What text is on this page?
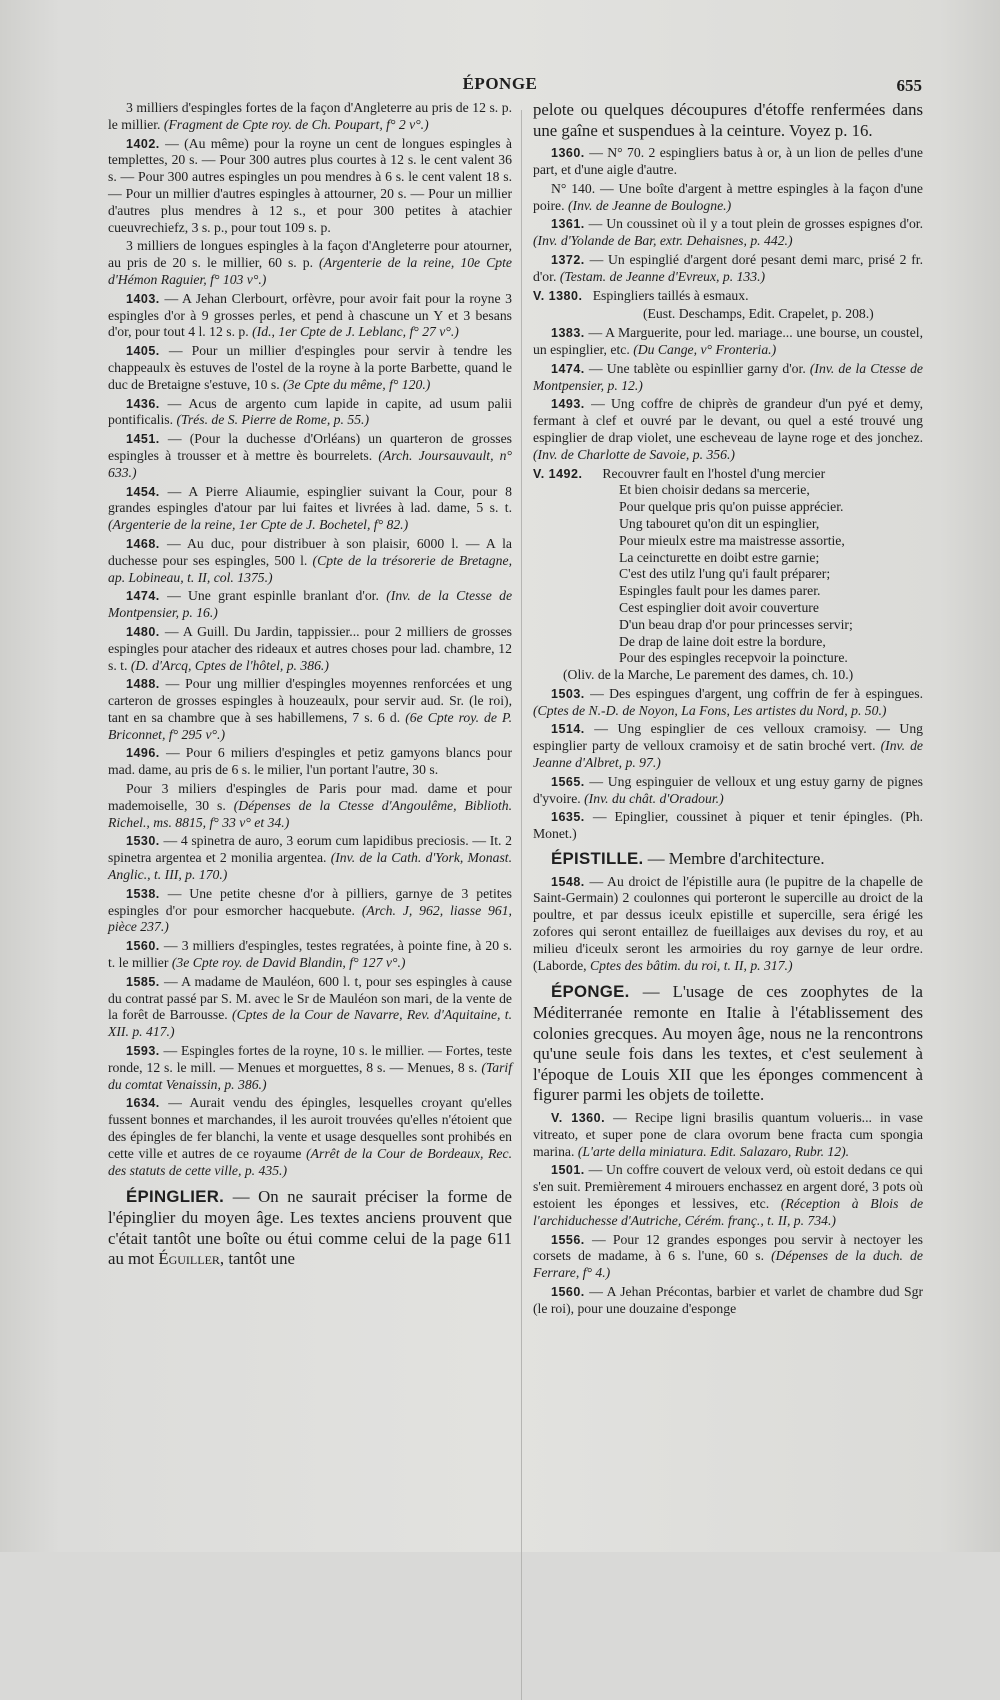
ÉPONGE	655

3 milliers d'espingles fortes de la façon d'Angleterre au pris de 12 s. p. le millier. (Fragment de Cpte roy. de Ch. Poupart, f° 2 v°.)

1402. — (Au même) pour la royne un cent de longues espingles à templettes, 20 s. — Pour 300 autres plus courtes à 12 s. le cent valent 36 s. — Pour 300 autres espingles un pou mendres à 6 s. le cent valent 18 s. — Pour un millier d'autres espingles à attourner, 20 s. — Pour un millier d'autres plus mendres à 12 s., et pour 300 petites à atachier cueuvrechiefz, 3 s. p., pour tout 109 s. p.

3 milliers de longues espingles à la façon d'Angleterre pour atourner, au pris de 20 s. le millier, 60 s. p. (Argenterie de la reine, 10e Cpte d'Hémon Raguier, f° 103 v°.)

1403. — A Jehan Clerbourt, orfèvre, pour avoir fait pour la royne 3 espingles d'or à 9 grosses perles, et pend à chascune un Y et 3 besans d'or, pour tout 4 l. 12 s. p. (Id., 1er Cpte de J. Leblanc, f° 27 v°.)

1405. — Pour un millier d'espingles pour servir à tendre les chappeaulx ès estuves de l'ostel de la royne à la porte Barbette, quand le duc de Bretaigne s'estuve, 10 s. (3e Cpte du même, f° 120.)

1436. — Acus de argento cum lapide in capite, ad usum palii pontificalis. (Trés. de S. Pierre de Rome, p. 55.)

1451. — (Pour la duchesse d'Orléans) un quarteron de grosses espingles à trousser et à mettre ès bourrelets. (Arch. Joursauvault, n° 633.)

1454. — A Pierre Aliaumie, espinglier suivant la Cour, pour 8 grandes espingles d'atour par lui faites et livrées à lad. dame, 5 s. t. (Argenterie de la reine, 1er Cpte de J. Bochetel, f° 82.)

1468. — Au duc, pour distribuer à son plaisir, 6000 l. — A la duchesse pour ses espingles, 500 l. (Cpte de la trésorerie de Bretagne, ap. Lobineau, t. II, col. 1375.)

1474. — Une grant espinlle branlant d'or. (Inv. de la Ctesse de Montpensier, p. 16.)

1480. — A Guill. Du Jardin, tappissier... pour 2 milliers de grosses espingles pour atacher des rideaux et autres choses pour lad. chambre, 12 s. t. (D. d'Arcq, Cptes de l'hôtel, p. 386.)

1488. — Pour ung millier d'espingles moyennes renforcées et ung carteron de grosses espingles à houzeaulx, pour servir aud. Sr. (le roi), tant en sa chambre que à ses habillemens, 7 s. 6 d. (6e Cpte roy. de P. Briconnet, f° 295 v°.)

1496. — Pour 6 miliers d'espingles et petiz gamyons blancs pour mad. dame, au pris de 6 s. le milier, l'un portant l'autre, 30 s.

Pour 3 miliers d'espingles de Paris pour mad. dame et pour mademoiselle, 30 s. (Dépenses de la Ctesse d'Angoulême, Biblioth. Richel., ms. 8815, f° 33 v° et 34.)

1530. — 4 spinetra de auro, 3 eorum cum lapidibus preciosis. — It. 2 spinetra argentea et 2 monilia argentea. (Inv. de la Cath. d'York, Monast. Anglic., t. III, p. 170.)

1538. — Une petite chesne d'or à pilliers, garnye de 3 petites espingles d'or pour esmorcher hacquebute. (Arch. J, 962, liasse 961, pièce 237.)

1560. — 3 milliers d'espingles, testes regratées, à pointe fine, à 20 s. t. le millier (3e Cpte roy. de David Blandin, f° 127 v°.)

1585. — A madame de Mauléon, 600 l. t, pour ses espingles à cause du contrat passé par S. M. avec le Sr de Mauléon son mari, de la vente de la forêt de Barrousse. (Cptes de la Cour de Navarre, Rev. d'Aquitaine, t. XII. p. 417.)

1593. — Espingles fortes de la royne, 10 s. le millier. — Fortes, teste ronde, 12 s. le mill. — Menues et morguettes, 8 s. — Menues, 8 s. (Tarif du comtat Venaissin, p. 386.)

1634. — Aurait vendu des épingles, lesquelles croyant qu'elles fussent bonnes et marchandes, il les auroit trouvées qu'elles n'étoient que des épingles de fer blanchi, la vente et usage desquelles sont prohibés en cette ville et autres de ce royaume (Arrêt de la Cour de Bordeaux, Rec. des statuts de cette ville, p. 435.)

ÉPINGLIER. — On ne saurait préciser la forme de l'épinglier du moyen âge. Les textes anciens prouvent que c'était tantôt une boîte ou étui comme celui de la page 611 au mot Éguiller, tantôt une

pelote ou quelques découpures d'étoffe renfermées dans une gaîne et suspendues à la ceinture. Voyez p. 16.

1360. — N° 70. 2 espingliers batus à or, à un lion de pelles d'une part, et d'une aigle d'autre.

N° 140. — Une boîte d'argent à mettre espingles à la façon d'une poire. (Inv. de Jeanne de Boulogne.)

1361. — Un coussinet où il y a tout plein de grosses espignes d'or. (Inv. d'Yolande de Bar, extr. Dehaisnes, p. 442.)

1372. — Un espinglié d'argent doré pesant demi marc, prisé 2 fr. d'or. (Testam. de Jeanne d'Evreux, p. 133.)

V. 1380. Espingliers taillés à esmaux.

(Eust. Deschamps, Edit. Crapelet, p. 208.)

1383. — A Marguerite, pour led. mariage... une bourse, un coustel, un espinglier, etc. (Du Cange, v° Fronteria.)

1474. — Une tablète ou espinllier garny d'or. (Inv. de la Ctesse de Montpensier, p. 12.)

1493. — Ung coffre de chiprès de grandeur d'un pyé et demy, fermant à clef et ouvré par le devant, ou quel a esté trouvé ung espinglier de drap violet, une escheveau de layne roge et des jonchez. (Inv. de Charlotte de Savoie, p. 356.)

V. 1492. Recouvrer fault en l'hostel d'ung mercier

Et bien choisir dedans sa mercerie,

Pour quelque pris qu'on puisse apprécier.

Ung tabouret qu'on dit un espinglier,

Pour mieulx estre ma maistresse assortie,

La ceincturette en doibt estre garnie;

C'est des utilz l'ung qu'i fault préparer;

Espingles fault pour les dames parer.

Cest espinglier doit avoir couverture

D'un beau drap d'or pour princesses servir;

De drap de laine doit estre la bordure,

Pour des espingles recepvoir la poincture.

(Oliv. de la Marche, Le parement des dames, ch. 10.)

1503. — Des espingues d'argent, ung coffrin de fer à espingues. (Cptes de N.-D. de Noyon, La Fons, Les artistes du Nord, p. 50.)

1514. — Ung espinglier de ces velloux cramoisy. — Ung espinglier party de velloux cramoisy et de satin broché vert. (Inv. de Jeanne d'Albret, p. 97.)

1565. — Ung espinguier de velloux et ung estuy garny de pignes d'yvoire. (Inv. du chât. d'Oradour.)

1635. — Epinglier, coussinet à piquer et tenir épingles. (Ph. Monet.)

ÉPISTILLE. — Membre d'architecture.

1548. — Au droict de l'épistille aura (le pupitre de la chapelle de Saint-Germain) 2 coulonnes qui porteront le supercille au droict de la poultre, et par dessus iceulx epistille et supercille, sera érigé les zofores qui seront entaillez de fueillaiges aux devises du roy, et au milieu d'iceulx seront les armoiries du roy garnye de leur ordre. (Laborde, Cptes des bâtim. du roi, t. II, p. 317.)

ÉPONGE. — L'usage de ces zoophytes de la Méditerranée remonte en Italie à l'établissement des colonies grecques. Au moyen âge, nous ne la rencontrons qu'une seule fois dans les textes, et c'est seulement à l'époque de Louis XII que les éponges commencent à figurer parmi les objets de toilette.

V. 1360. — Recipe ligni brasilis quantum volueris... in vase vitreato, et super pone de clara ovorum bene fracta cum spongia marina. (L'arte della miniatura. Edit. Salazaro, Rubr. 12).

1501. — Un coffre couvert de veloux verd, où estoit dedans ce qui s'en suit. Premièrement 4 mirouers enchassez en argent doré, 3 pots où estoient les éponges et lessives, etc. (Réception à Blois de l'archiduchesse d'Autriche, Cérém. franç., t. II, p. 734.)

1556. — Pour 12 grandes esponges pou servir à nectoyer les corsets de madame, à 6 s. l'une, 60 s. (Dépenses de la duch. de Ferrare, f° 4.)

1560. — A Jehan Précontas, barbier et varlet de chambre dud Sgr (le roi), pour une douzaine d'esponge
